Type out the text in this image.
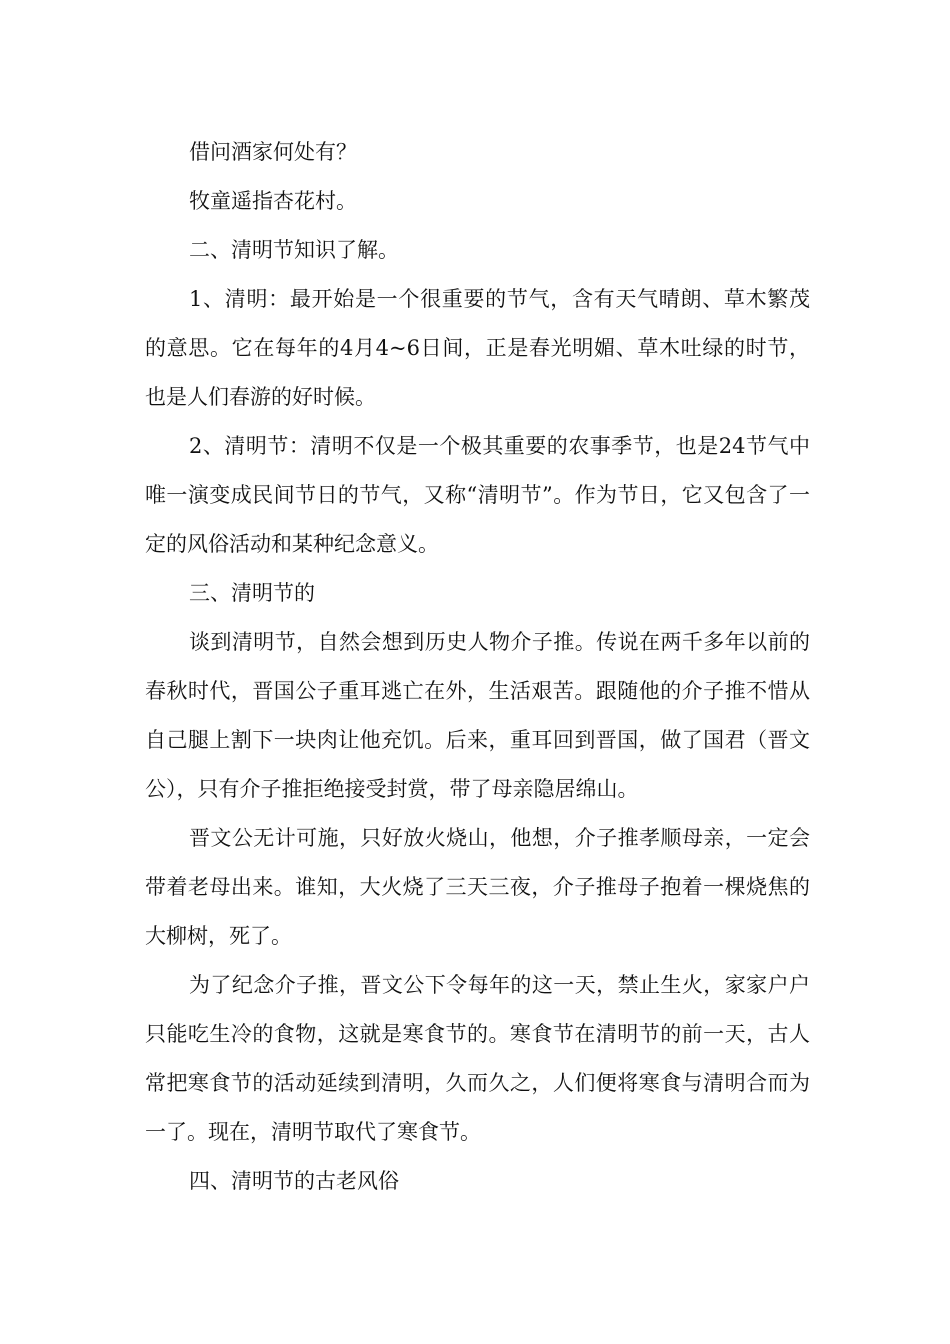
借问酒家何处有？

牧童遥指杏花村。

二、清明节知识了解。

1、清明：最开始是一个很重要的节气，含有天气晴朗、草木繁茂的意思。它在每年的4月4~6日间，正是春光明媚、草木吐绿的时节，也是人们春游的好时候。

2、清明节：清明不仅是一个极其重要的农事季节，也是24节气中唯一演变成民间节日的节气，又称“清明节”。作为节日，它又包含了一定的风俗活动和某种纪念意义。

三、清明节的

谈到清明节，自然会想到历史人物介子推。传说在两千多年以前的春秋时代，晋国公子重耳逃亡在外，生活艰苦。跟随他的介子推不惜从自己腿上割下一块肉让他充饥。后来，重耳回到晋国，做了国君（晋文公），只有介子推拒绝接受封赏，带了母亲隐居绵山。

晋文公无计可施，只好放火烧山，他想，介子推孝顺母亲，一定会带着老母出来。谁知，大火烧了三天三夜，介子推母子抱着一棵烧焦的大柳树，死了。

为了纪念介子推，晋文公下令每年的这一天，禁止生火，家家户户只能吃生冷的食物，这就是寒食节的。寒食节在清明节的前一天，古人常把寒食节的活动延续到清明，久而久之，人们便将寒食与清明合而为一了。现在，清明节取代了寒食节。

四、清明节的古老风俗
